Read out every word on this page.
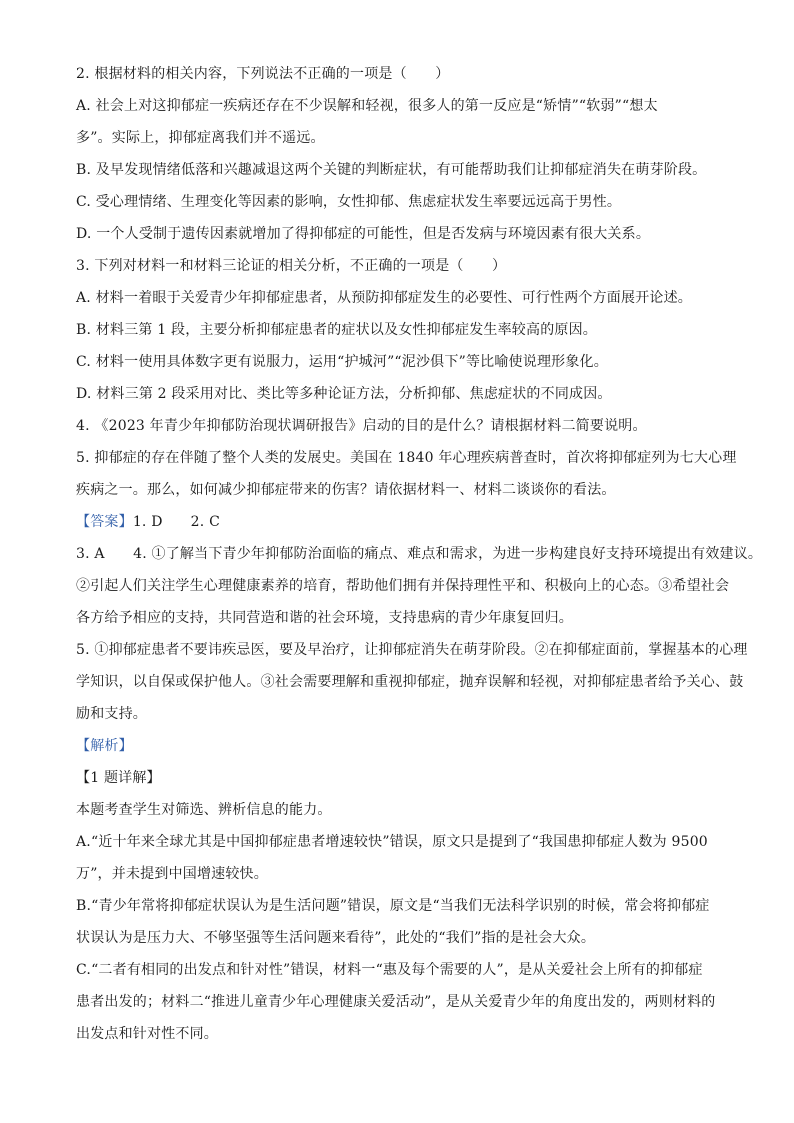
2. 根据材料的相关内容，下列说法不正确的一项是（　　）
A. 社会上对这抑郁症一疾病还存在不少误解和轻视，很多人的第一反应是“矫情”“软弱”“想太
多”。实际上，抑郁症离我们并不遥远。
B. 及早发现情绪低落和兴趣减退这两个关键的判断症状，有可能帮助我们让抑郁症消失在萌芽阶段。
C. 受心理情绪、生理变化等因素的影响，女性抑郁、焦虑症状发生率要远远高于男性。
D. 一个人受制于遗传因素就增加了得抑郁症的可能性，但是否发病与环境因素有很大关系。
3. 下列对材料一和材料三论证的相关分析，不正确的一项是（　　）
A. 材料一着眼于关爱青少年抑郁症患者，从预防抑郁症发生的必要性、可行性两个方面展开论述。
B. 材料三第 1 段，主要分析抑郁症患者的症状以及女性抑郁症发生率较高的原因。
C. 材料一使用具体数字更有说服力，运用“护城河”“泥沙俱下”等比喻使说理形象化。
D. 材料三第 2 段采用对比、类比等多种论证方法，分析抑郁、焦虑症状的不同成因。
4. 《2023 年青少年抑郁防治现状调研报告》启动的目的是什么？请根据材料二简要说明。
5. 抑郁症的存在伴随了整个人类的发展史。美国在 1840 年心理疾病普查时，首次将抑郁症列为七大心理
疾病之一。那么，如何减少抑郁症带来的伤害？请依据材料一、材料二谈谈你的看法。
【答案】1. D 2. C
3. A　　4. ①了解当下青少年抑郁防治面临的痛点、难点和需求，为进一步构建良好支持环境提出有效建议。
②引起人们关注学生心理健康素养的培育，帮助他们拥有并保持理性平和、积极向上的心态。③希望社会
各方给予相应的支持，共同营造和谐的社会环境，支持患病的青少年康复回归。
5. ①抑郁症患者不要讳疾忌医，要及早治疗，让抑郁症消失在萌芽阶段。②在抑郁症面前，掌握基本的心理
学知识，以自保或保护他人。③社会需要理解和重视抑郁症，抛弃误解和轻视，对抑郁症患者给予关心、鼓
励和支持。
【解析】
【1 题详解】
本题考查学生对筛选、辨析信息的能力。
A.“近十年来全球尤其是中国抑郁症患者增速较快”错误，原文只是提到了“我国患抑郁症人数为 9500
万”，并未提到中国增速较快。
B.“青少年常将抑郁症状误认为是生活问题”错误，原文是“当我们无法科学识别的时候，常会将抑郁症
状误认为是压力大、不够坚强等生活问题来看待”，此处的“我们”指的是社会大众。
C.“二者有相同的出发点和针对性”错误，材料一“惠及每个需要的人”，是从关爱社会上所有的抑郁症
患者出发的；材料二“推进儿童青少年心理健康关爱活动”，是从关爱青少年的角度出发的，两则材料的
出发点和针对性不同。
